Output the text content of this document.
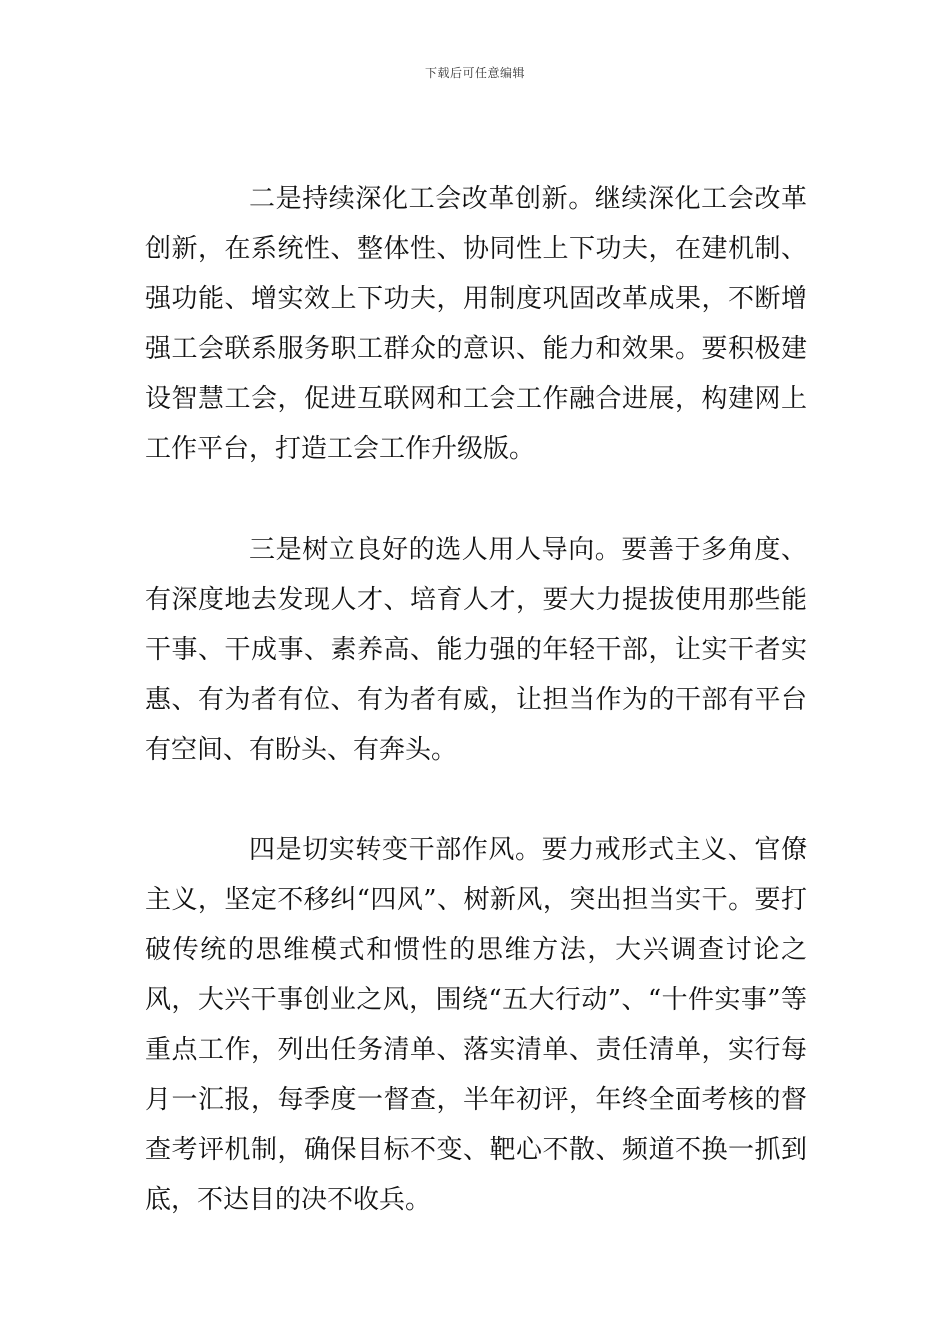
下载后可任意编辑

二是持续深化工会改革创新。继续深化工会改革创新，在系统性、整体性、协同性上下功夫，在建机制、强功能、增实效上下功夫，用制度巩固改革成果，不断增强工会联系服务职工群众的意识、能力和效果。要积极建设智慧工会，促进互联网和工会工作融合进展，构建网上工作平台，打造工会工作升级版。

三是树立良好的选人用人导向。要善于多角度、有深度地去发现人才、培育人才，要大力提拔使用那些能干事、干成事、素养高、能力强的年轻干部，让实干者实惠、有为者有位、有为者有威，让担当作为的干部有平台有空间、有盼头、有奔头。

四是切实转变干部作风。要力戒形式主义、官僚主义，坚定不移纠“四风”、树新风，突出担当实干。要打破传统的思维模式和惯性的思维方法，大兴调查讨论之风，大兴干事创业之风，围绕“五大行动”、“十件实事”等重点工作，列出任务清单、落实清单、责任清单，实行每月一汇报，每季度一督查，半年初评，年终全面考核的督查考评机制，确保目标不变、靶心不散、频道不换一抓到底，不达目的决不收兵。
